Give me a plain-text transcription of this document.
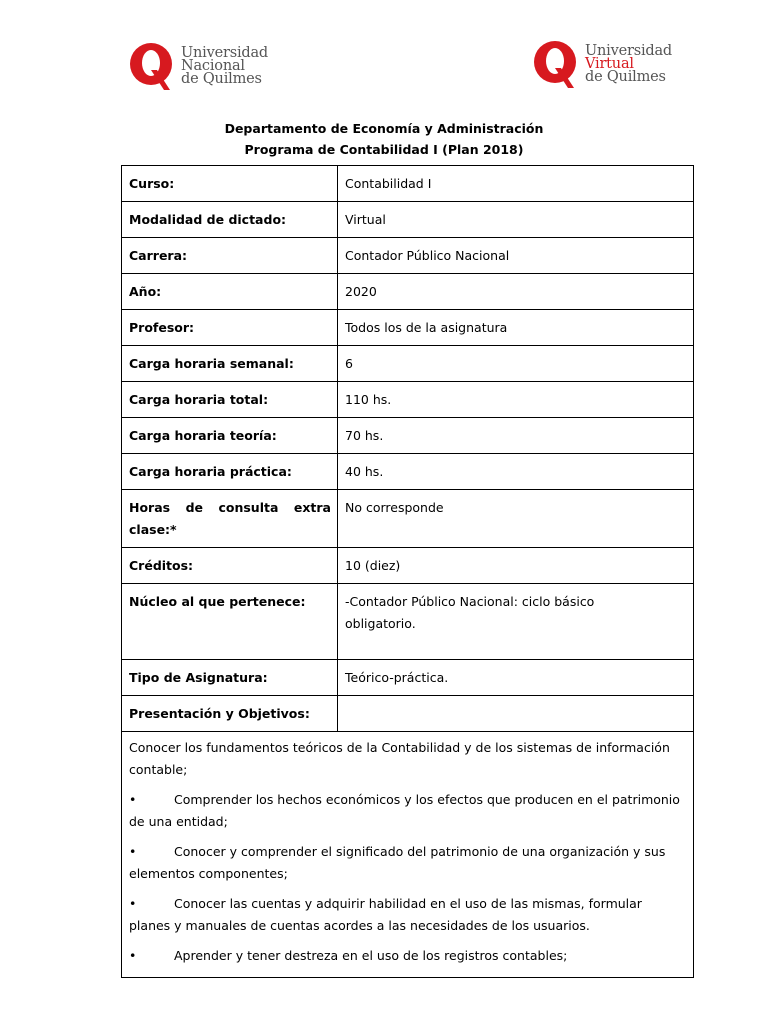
Universidad
Nacional
de Quilmes
Universidad
Virtual
de Quilmes
Departamento de Economía y Administración
Programa de Contabilidad I (Plan 2018)
Curso:	Contabilidad I
Modalidad de dictado:	Virtual
Carrera:	Contador Público Nacional
Año:	2020
Profesor:	Todos los de la asignatura
Carga horaria semanal:	6
Carga horaria total:	110 hs.
Carga horaria teoría:	70 hs.
Carga horaria práctica:	40 hs.

Horas de consulta extra
clase:*	No corresponde
Créditos:	10 (diez)
Núcleo al que pertenece:	-Contador Público Nacional: ciclo básico
obligatorio.

Tipo de Asignatura:	Teórico-práctica.
Presentación y Objetivos:	

Conocer los fundamentos teóricos de la Contabilidad y de los sistemas de información contable;

• Comprender los hechos económicos y los efectos que producen en el patrimonio de una entidad;

• Conocer y comprender el significado del patrimonio de una organización y sus elementos componentes;

• Conocer las cuentas y adquirir habilidad en el uso de las mismas, formular planes y manuales de cuentas acordes a las necesidades de los usuarios.

• Aprender y tener destreza en el uso de los registros contables;	
